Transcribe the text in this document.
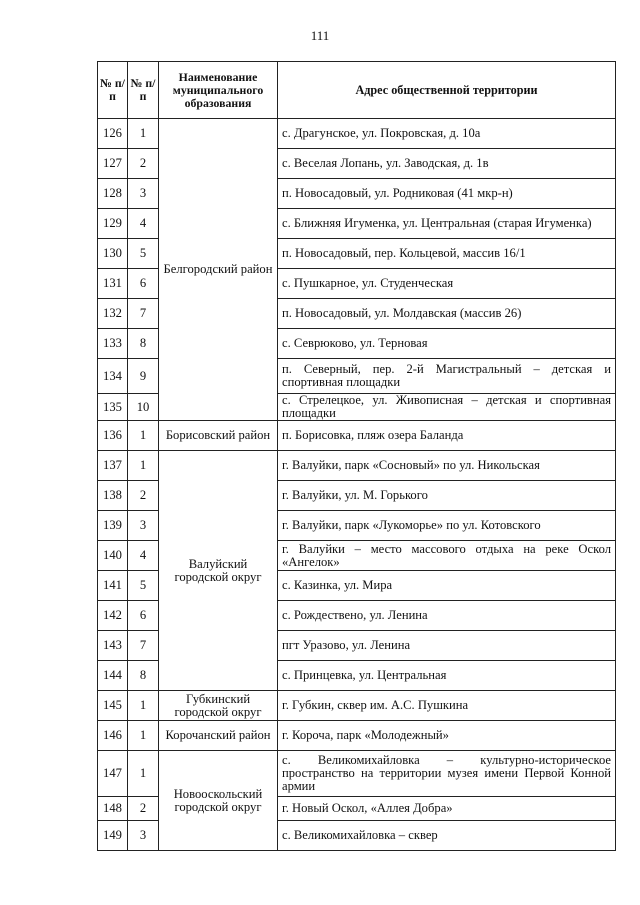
111
№ п/п	№ п/п	Наименование муниципального образования	Адрес общественной территории
126	1	Белгородский район	с. Драгунское, ул. Покровская, д. 10а
127	2		с. Веселая Лопань, ул. Заводская, д. 1в
128	3		п. Новосадовый, ул. Родниковая (41 мкр-н)
129	4		с. Ближняя Игуменка, ул. Центральная (старая Игуменка)
130	5		п. Новосадовый, пер. Кольцевой, массив 16/1
131	6		с. Пушкарное, ул. Студенческая
132	7		п. Новосадовый, ул. Молдавская (массив 26)
133	8		с. Севрюково, ул. Терновая
134	9		п. Северный, пер. 2-й Магистральный – детская и спортивная площадки
135	10		с. Стрелецкое, ул. Живописная – детская и спортивная площадки
136	1	Борисовский район	п. Борисовка, пляж озера Баланда
137	1	Валуйский городской округ	г. Валуйки, парк «Сосновый» по ул. Никольская
138	2		г. Валуйки, ул. М. Горького
139	3		г. Валуйки, парк «Лукоморье» по ул. Котовского
140	4		г. Валуйки – место массового отдыха на реке Оскол «Ангелок»
141	5		с. Казинка, ул. Мира
142	6		с. Рождествено, ул. Ленина
143	7		пгт Уразово, ул. Ленина
144	8		с. Принцевка, ул. Центральная
145	1	Губкинский городской округ	г. Губкин, сквер им. А.С. Пушкина
146	1	Корочанский район	г. Короча, парк «Молодежный»
147	1	Новооскольский городской округ	с. Великомихайловка – культурно-историческое пространство на территории музея имени Первой Конной армии
148	2		г. Новый Оскол, «Аллея Добра»
149	3		с. Великомихайловка – сквер
